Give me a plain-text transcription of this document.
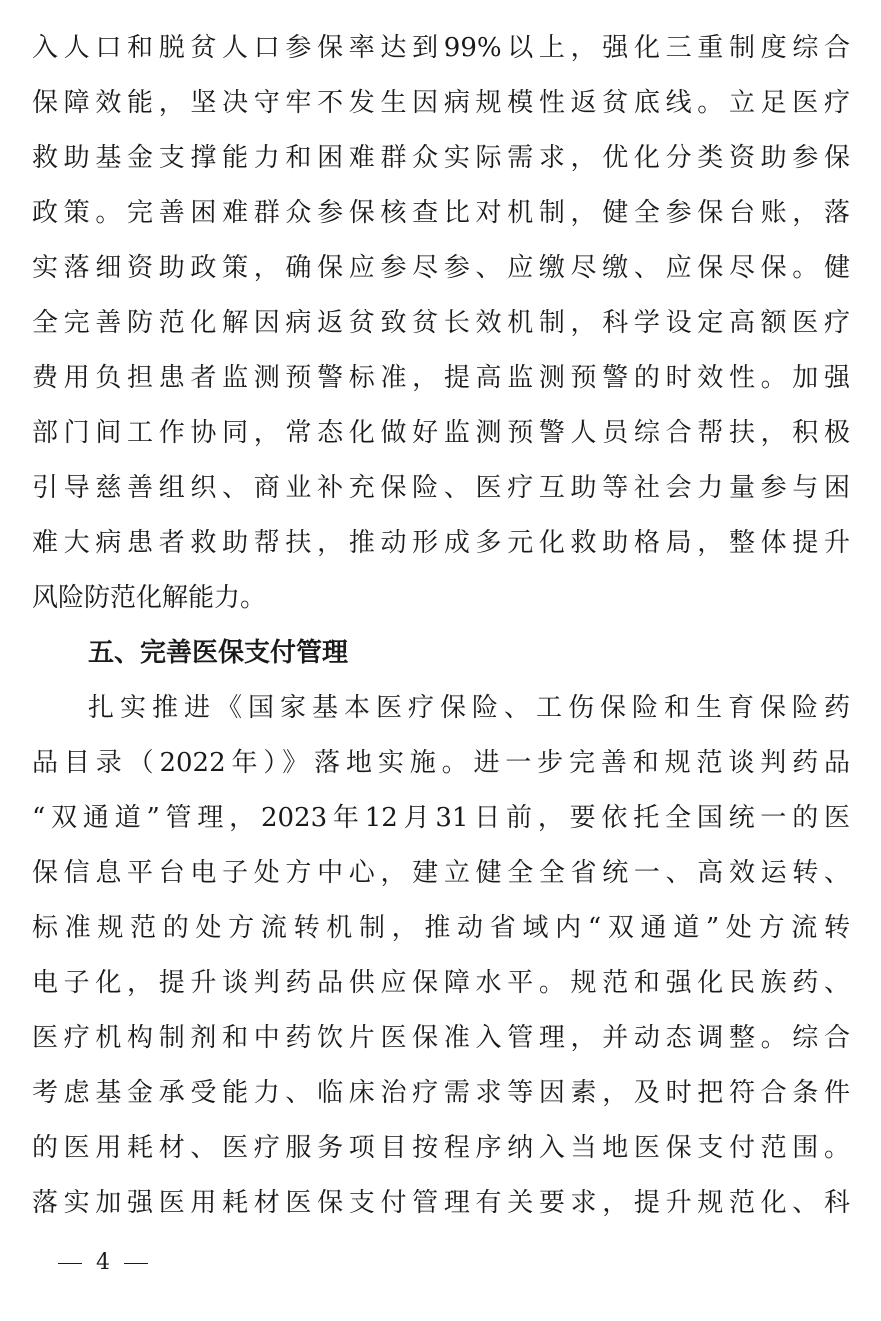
入人口和脱贫人口参保率达到99%以上，强化三重制度综合
保障效能，坚决守牢不发生因病规模性返贫底线。立足医疗
救助基金支撑能力和困难群众实际需求，优化分类资助参保
政策。完善困难群众参保核查比对机制，健全参保台账，落
实落细资助政策，确保应参尽参、应缴尽缴、应保尽保。健
全完善防范化解因病返贫致贫长效机制，科学设定高额医疗
费用负担患者监测预警标准，提高监测预警的时效性。加强
部门间工作协同，常态化做好监测预警人员综合帮扶，积极
引导慈善组织、商业补充保险、医疗互助等社会力量参与困
难大病患者救助帮扶，推动形成多元化救助格局，整体提升
风险防范化解能力。
五、完善医保支付管理
扎实推进《国家基本医疗保险、工伤保险和生育保险药
品目录（2022年）》落地实施。进一步完善和规范谈判药品
“双通道”管理，2023年12月31日前，要依托全国统一的医
保信息平台电子处方中心，建立健全全省统一、高效运转、
标准规范的处方流转机制，推动省域内“双通道”处方流转
电子化，提升谈判药品供应保障水平。规范和强化民族药、
医疗机构制剂和中药饮片医保准入管理，并动态调整。综合
考虑基金承受能力、临床治疗需求等因素，及时把符合条件
的医用耗材、医疗服务项目按程序纳入当地医保支付范围。
落实加强医用耗材医保支付管理有关要求，提升规范化、科
4
